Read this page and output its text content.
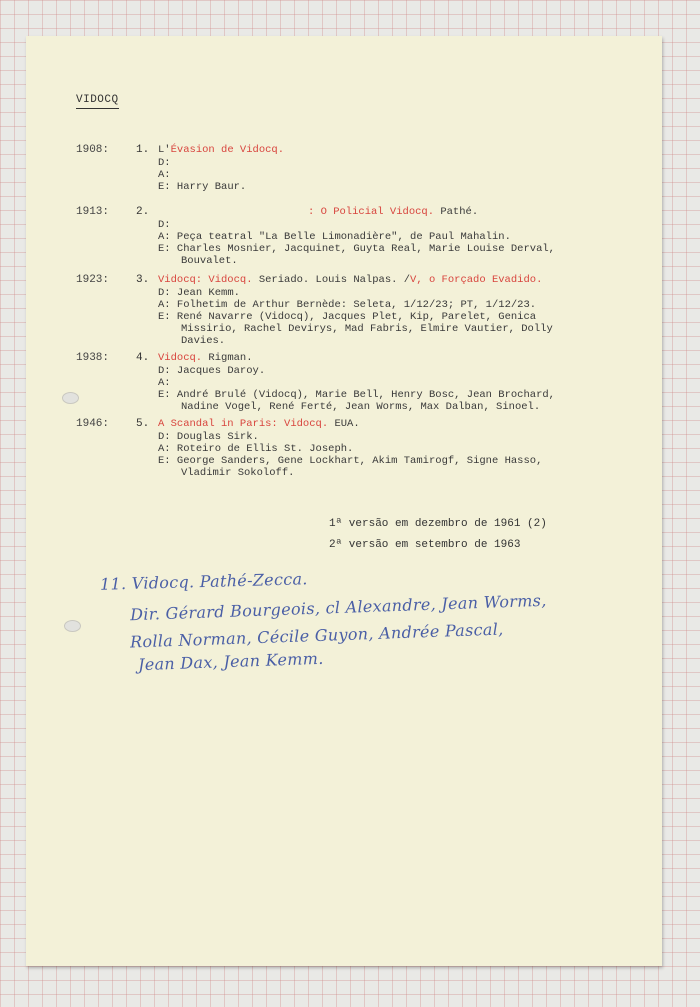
VIDOCQ
1908: 1. L'Évasion de Vidocq.
D:
A:
E: Harry Baur.
1913: 2.	: O Policial Vidocq. Pathé.
D:
A: Peça teatral "La Belle Limonadière", de Paul Mahalin.
E: Charles Mosnier, Jacquinet, Guyta Real, Marie Louise Derval,
Bouvalet.
1923: 3. Vidocq: Vidocq. Seriado. Louis Nalpas. /V, o Forçado Evadido.
D: Jean Kemm.
A: Folhetim de Arthur Bernède: Seleta, 1/12/23; PT, 1/12/23.
E: René Navarre (Vidocq), Jacques Plet, Kip, Parelet, Genica
Missirio, Rachel Devirys, Mad Fabris, Elmire Vautier, Dolly
Davies.
1938: 4. Vidocq. Rigman.
D: Jacques Daroy.
A:
E: André Brulé (Vidocq), Marie Bell, Henry Bosc, Jean Brochard,
Nadine Vogel, René Ferté, Jean Worms, Max Dalban, Sinoel.
1946: 5. A Scandal in Paris: Vidocq. EUA.
D: Douglas Sirk.
A: Roteiro de Ellis St. Joseph.
E: George Sanders, Gene Lockhart, Akim Tamirogf, Signe Hasso,
Vladimir Sokoloff.
1ª versão em dezembro de 1961 (2)
2ª versão em setembro de 1963
11. Vidocq. Pathé-Zecca.
Dir. Gérard Bourgeois, cl Alexandre, Jean Worms,
Rolla Norman, Cécile Guyon, Andrée Pascal,
Jean Dax, Jean Kemm.
